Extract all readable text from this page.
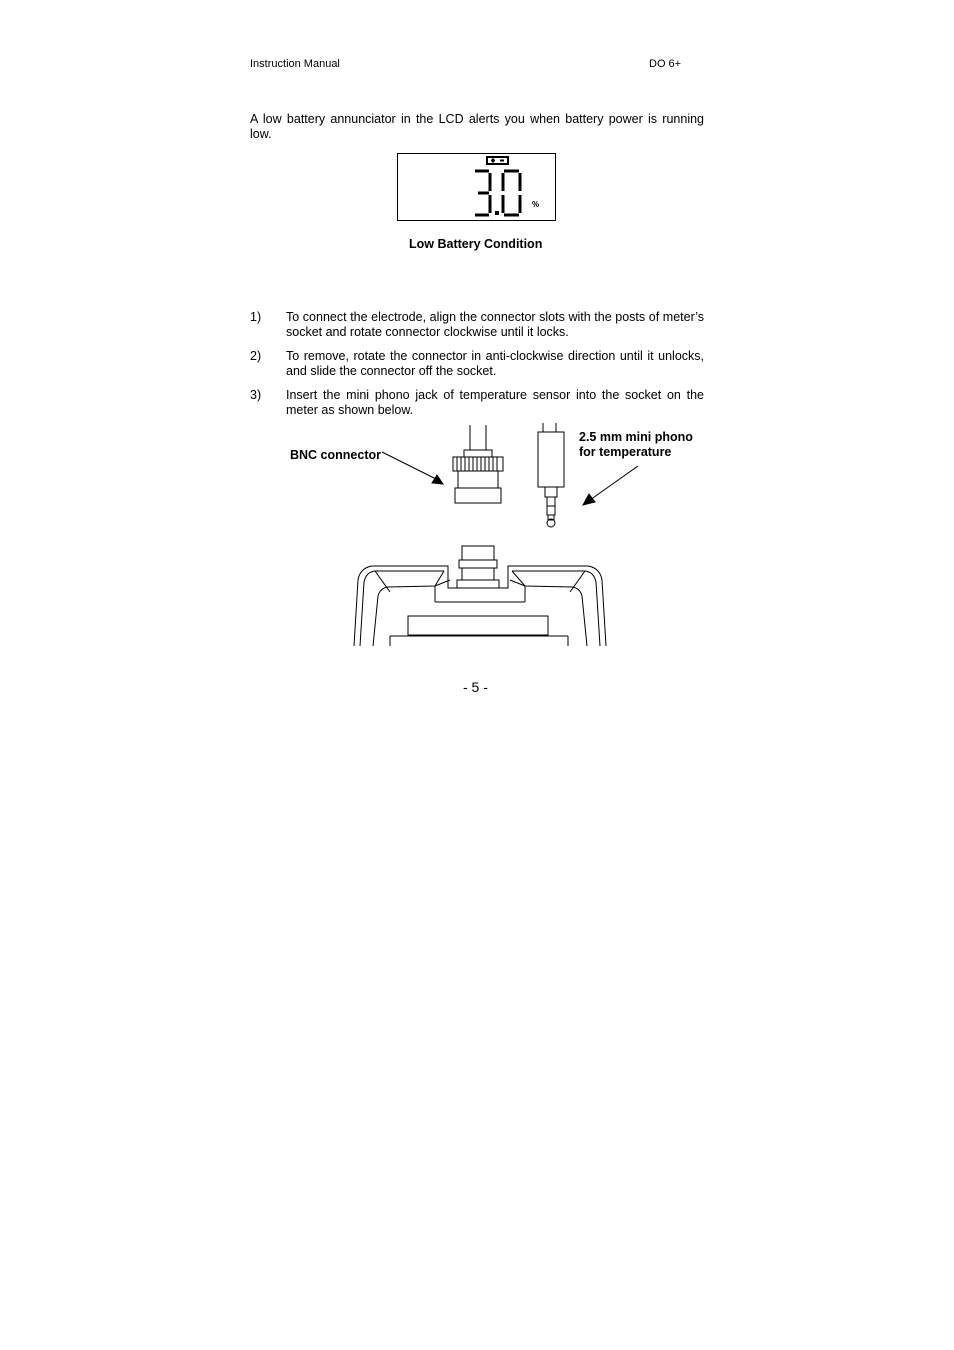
Instruction Manual	DO 6+
A low battery annunciator in the LCD alerts you when battery power is running low.
%
Low Battery Condition
1) To connect the electrode, align the connector slots with the posts of meter’s socket and rotate connector clockwise until it locks.
2) To remove, rotate the connector in anti-clockwise direction until it unlocks, and slide the connector off the socket.
3) Insert the mini phono jack of temperature sensor into the socket on the meter as shown below.
BNC connector
2.5 mm mini phono
for temperature
- 5 -
